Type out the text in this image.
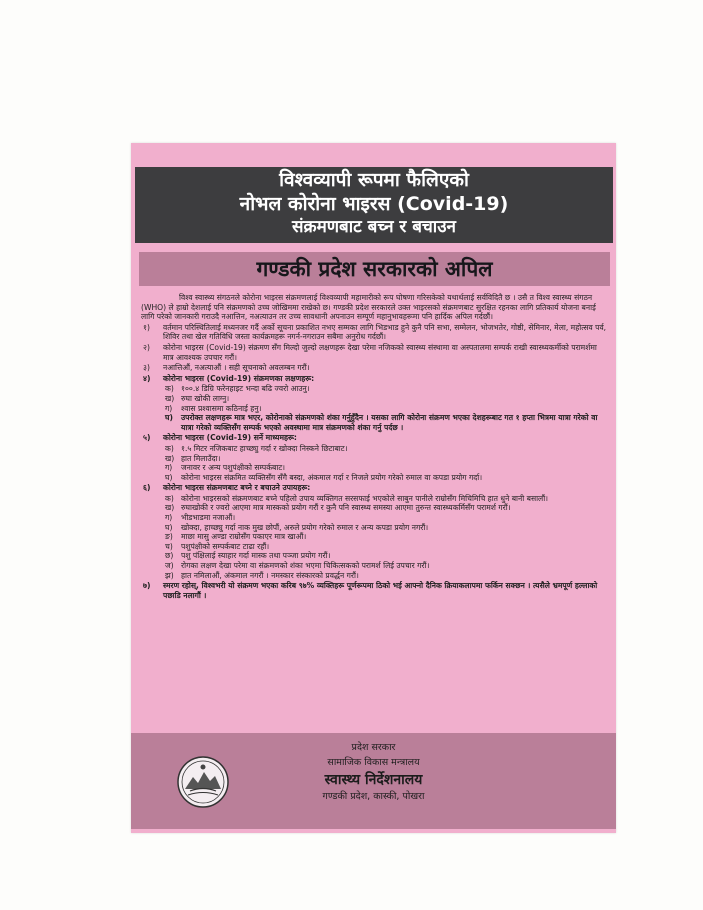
विश्वव्यापी रूपमा फैलिएको
नोभल कोरोना भाइरस (Covid-19)
संक्रमणबाट बच्न र बचाउन
गण्डकी प्रदेश सरकारको अपिल

विश्व स्वास्थ्य संगठनले कोरोना भाइरस संक्रमणलाई विश्वव्यापी महामारीको रूप घोषणा गरिसकेको यथार्थलाई सर्वविदितै छ । उसै त विश्व स्वास्थ्य संगठन (WHO) ले हाम्रो देशलाई पनि संक्रमणको उच्च जोखिममा राखेको छ। गण्डकी प्रदेश सरकारले उक्त भाइरसको संक्रमणबाट सुरक्षित रहनका लागि प्रतिकार्य योजना बनाई लागि परेको जानकारी गराउदै नआत्तिन, नअत्याउन तर उच्च सावधानी अपनाउन सम्पूर्ण महानुभावहरूमा पनि हार्दिक अपिल गर्दछौं।

१) वर्तमान परिस्थितिलाई मध्यनजर गर्दै अर्को सूचना प्रकाशित नभए सम्मका लागि भिडभाड हुने कुनै पनि सभा, सम्मेलन, भोजभतेर, गोष्ठी, सेमिनार, मेला, महोत्सव पर्व, शिविर तथा खेल गतिविधि जस्ता कार्यक्रमहरू नगर्न-नगराउन सबैमा अनुरोध गर्दछौं।
२) कोरोना भाइरस (Covid-19) संक्रमण सँग मिल्दो जुल्दो लक्षणहरू देखा परेमा नजिकको स्वास्थ्य संस्थामा वा अस्पतालमा सम्पर्क राखी स्वास्थ्यकर्मीको परामर्शमा मात्र आवश्यक उपचार गरौं।
३) नआत्तिऔं, नअत्याऔं । सही सूचनाको अवलम्बन गरौं।
४) कोरोना भाइरस (Covid-19) संक्रमणका लक्षणहरू:
क) १००.४ डिग्रि फरेनहाइट भन्दा बढि ज्वरो आउनु।
ख) रुघा खोकी लाग्नु।
ग) श्वास प्रश्वासमा कठिनाई हनु।
घ) उपरोक्त लक्षणहरू मात्र भएर, कोरोनाको संक्रमणको शंका गर्नुहुँदैन । यसका लागि कोरोना संक्रमण भएका देशहरूबाट गत १ हप्ता भित्रमा यात्रा गरेको वा यात्रा गरेको व्यक्तिसँग सम्पर्क भएको अवस्थामा मात्र संक्रमणको शंका गर्नु पर्दछ ।
५) कोरोना भाइरस (Covid-19) सर्ने माध्यमहरू:
क) १.५ मिटर नजिकबाट हाच्छ्यु गर्दा र खोक्दा निस्कने छिटाबाट।
ख) हात मिलाउँदा।
ग) जनावर र अन्य पशुपंक्षीको सम्पर्कबाट।
घ) कोरोना भाइरस संक्रमित व्यक्तिसँग सँगै बस्दा, अंकमाल गर्दा र निजले प्रयोग गरेको रुमाल वा कपडा प्रयोग गर्दा।
६) कोरोना भाइरस संक्रमणबाट बच्ने र बचाउने उपायहरू:
क) कोरोना भाइरसको संक्रमणबाट बच्ने पहिलो उपाय व्यक्तिगत सरसफाई भएकोले साबुन पानीले राम्रोसँग मिचिमिचि हात धुने बानी बसालौं।
ख) रुघाखोकी र ज्वरो आएमा मात्र मास्कको प्रयोग गरौं र कुनै पनि स्वास्थ्य समस्या आएमा तुरुन्त स्वास्थ्यकर्मिसँग परामर्श गरौं।
ग) भीडभाडमा नजाऔं।
घ) खोक्दा, हाच्छ्यु गर्दा नाक मुख छोपौं, अरुले प्रयोग गरेको रुमाल र अन्य कपडा प्रयोग नगरौं।
ङ) माछा मासु अण्डा राम्रोसँग पकाएर मात्र खाऔं।
च) पशुपंक्षीको सम्पर्कबाट टाढा रहौं।
छ) पशु पंक्षिलाई स्याहार गर्दा मास्क तथा पञ्जा प्रयोग गरौं।
ज) रोगका लक्षण देखा परेमा वा संक्रमणको शंका भएमा चिकित्सकको परामर्श लिई उपचार गरौं।
झ) हात नमिलाऔं, अंकमाल नगरौं । नमस्कार संस्कारको प्रवर्द्धन गरौं।
७) स्मरण रहोस्, विश्वभरी यो संक्रमण भएका करिब ९७% व्यक्तिहरू पूर्णरूपमा ठिको भई आफ्नो दैनिक क्रियाकलापमा फर्किन सक्छन । त्यसैले भ्रमपूर्ण हल्लाको पछाडि नलागौं ।
प्रदेश सरकार
सामाजिक विकास मन्त्रालय
स्वास्थ्य निर्देशनालय
गण्डकी प्रदेश, कास्की, पोखरा
